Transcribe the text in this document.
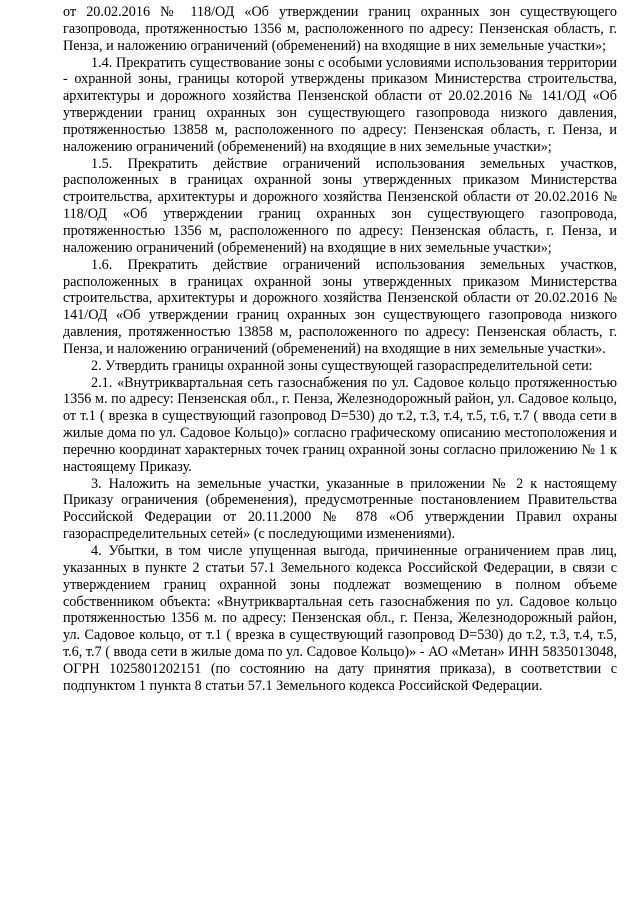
от 20.02.2016 № 118/ОД «Об утверждении границ охранных зон существующего газопровода, протяженностью 1356 м, расположенного по адресу: Пензенская область, г. Пенза, и наложению ограничений (обременений) на входящие в них земельные участки»;

1.4. Прекратить существование зоны с особыми условиями использования территории - охранной зоны, границы которой утверждены приказом Министерства строительства, архитектуры и дорожного хозяйства Пензенской области от 20.02.2016 № 141/ОД «Об утверждении границ охранных зон существующего газопровода низкого давления, протяженностью 13858 м, расположенного по адресу: Пензенская область, г. Пенза, и наложению ограничений (обременений) на входящие в них земельные участки»;

1.5. Прекратить действие ограничений использования земельных участков, расположенных в границах охранной зоны утвержденных приказом Министерства строительства, архитектуры и дорожного хозяйства Пензенской области от 20.02.2016 № 118/ОД «Об утверждении границ охранных зон существующего газопровода, протяженностью 1356 м, расположенного по адресу: Пензенская область, г. Пенза, и наложению ограничений (обременений) на входящие в них земельные участки»;

1.6. Прекратить действие ограничений использования земельных участков, расположенных в границах охранной зоны утвержденных приказом Министерства строительства, архитектуры и дорожного хозяйства Пензенской области от 20.02.2016 № 141/ОД «Об утверждении границ охранных зон существующего газопровода низкого давления, протяженностью 13858 м, расположенного по адресу: Пензенская область, г. Пенза, и наложению ограничений (обременений) на входящие в них земельные участки».

2. Утвердить границы охранной зоны существующей газораспределительной сети:

2.1. «Внутриквартальная сеть газоснабжения по ул. Садовое кольцо протяженностью 1356 м. по адресу: Пензенская обл., г. Пенза, Железнодорожный район, ул. Садовое кольцо, от т.1 ( врезка в существующий газопровод D=530) до т.2, т.3, т.4, т.5, т.6, т.7 ( ввода сети в жилые дома по ул. Садовое Кольцо)» согласно графическому описанию местоположения и перечню координат характерных точек границ охранной зоны согласно приложению № 1 к настоящему Приказу.

3. Наложить на земельные участки, указанные в приложении № 2 к настоящему Приказу ограничения (обременения), предусмотренные постановлением Правительства Российской Федерации от 20.11.2000 № 878 «Об утверждении Правил охраны газораспределительных сетей» (с последующими изменениями).

4. Убытки, в том числе упущенная выгода, причиненные ограничением прав лиц, указанных в пункте 2 статьи 57.1 Земельного кодекса Российской Федерации, в связи с утверждением границ охранной зоны подлежат возмещению в полном объеме собственником объекта: «Внутриквартальная сеть газоснабжения по ул. Садовое кольцо протяженностью 1356 м. по адресу: Пензенская обл., г. Пенза, Железнодорожный район, ул. Садовое кольцо, от т.1 ( врезка в существующий газопровод D=530) до т.2, т.3, т.4, т.5, т.6, т.7 ( ввода сети в жилые дома по ул. Садовое Кольцо)» - АО «Метан» ИНН 5835013048, ОГРН 1025801202151 (по состоянию на дату принятия приказа), в соответствии с подпунктом 1 пункта 8 статьи 57.1 Земельного кодекса Российской Федерации.
